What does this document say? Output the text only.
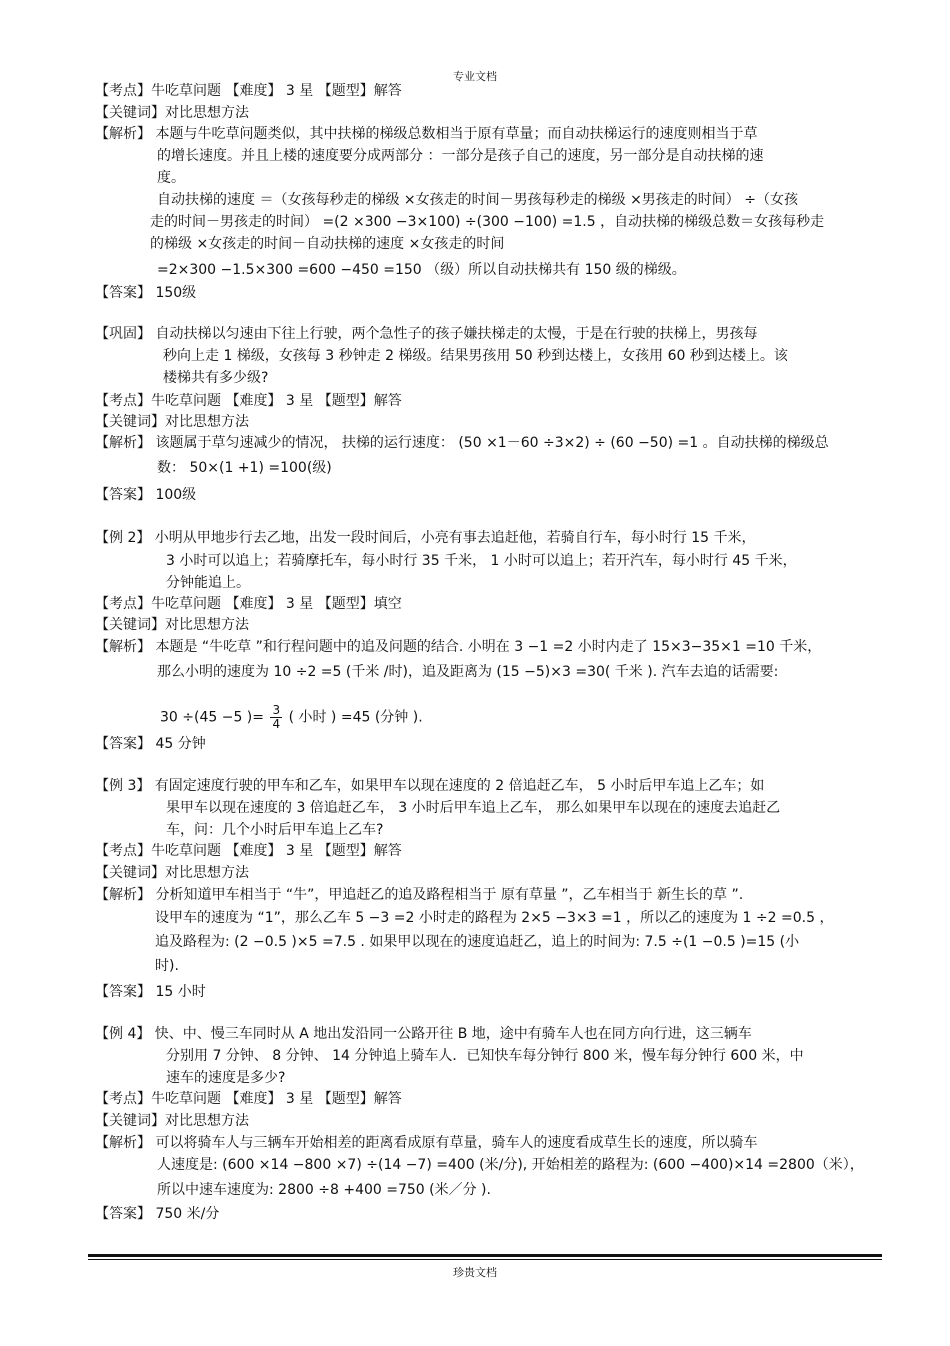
专业文档
【考点】牛吃草问题 【难度】 3 星 【题型】解答
【关键词】对比思想方法
【解析】 本题与牛吃草问题类似，其中扶梯的梯级总数相当于原有草量；而自动扶梯运行的速度则相当于草
的增长速度。并且上楼的速度要分成两部分 ：一部分是孩子自己的速度，另一部分是自动扶梯的速
度。
自动扶梯的速度 ＝（女孩每秒走的梯级 ×女孩走的时间－男孩每秒走的梯级 ×男孩走的时间） ÷（女孩
走的时间－男孩走的时间） =(2 ×300 −3×100) ÷(300 −100) =1.5 ，自动扶梯的梯级总数＝女孩每秒走
的梯级 ×女孩走的时间－自动扶梯的速度 ×女孩走的时间
=2×300 −1.5×300 =600 −450 =150 （级）所以自动扶梯共有 150 级的梯级。
【答案】 150级
【巩固】 自动扶梯以匀速由下往上行驶，两个急性子的孩子嫌扶梯走的太慢，于是在行驶的扶梯上，男孩每
秒向上走 1 梯级，女孩每 3 秒钟走 2 梯级。结果男孩用 50 秒到达楼上，女孩用 60 秒到达楼上。该
楼梯共有多少级?
【考点】牛吃草问题 【难度】 3 星 【题型】解答
【关键词】对比思想方法
【解析】 该题属于草匀速减少的情况， 扶梯的运行速度： (50 ×1－60 ÷3×2) ÷ (60 −50) =1 。自动扶梯的梯级总
数： 50×(1 +1) =100(级)
【答案】 100级
【例 2】 小明从甲地步行去乙地，出发一段时间后，小亮有事去追赶他，若骑自行车，每小时行 15 千米，
3 小时可以追上；若骑摩托车，每小时行 35 千米， 1 小时可以追上；若开汽车，每小时行 45 千米，
分钟能追上。
【考点】牛吃草问题 【难度】 3 星 【题型】填空
【关键词】对比思想方法
【解析】 本题是 “牛吃草 ”和行程问题中的追及问题的结合. 小明在 3 −1 =2 小时内走了 15×3−35×1 =10 千米，
那么小明的速度为 10 ÷2 =5 (千米 /时)，追及距离为 (15 −5)×3 =30( 千米 ). 汽车去追的话需要:
【答案】 45 分钟
【例 3】 有固定速度行驶的甲车和乙车，如果甲车以现在速度的 2 倍追赶乙车， 5 小时后甲车追上乙车；如
果甲车以现在速度的 3 倍追赶乙车， 3 小时后甲车追上乙车， 那么如果甲车以现在的速度去追赶乙
车，问：几个小时后甲车追上乙车?
【考点】牛吃草问题 【难度】 3 星 【题型】解答
【关键词】对比思想方法
【解析】 分析知道甲车相当于 “牛”，甲追赶乙的追及路程相当于 原有草量 ”，乙车相当于 新生长的草 ”.
设甲车的速度为 “1”，那么乙车 5 −3 =2 小时走的路程为 2×5 −3×3 =1 ，所以乙的速度为 1 ÷2 =0.5 ，
追及路程为: (2 −0.5 )×5 =7.5 . 如果甲以现在的速度追赶乙，追上的时间为: 7.5 ÷(1 −0.5 )=15 (小
时).
【答案】 15 小时
【例 4】 快、中、慢三车同时从 A 地出发沿同一公路开往 B 地，途中有骑车人也在同方向行进，这三辆车
分别用 7 分钟、 8 分钟、 14 分钟追上骑车人．已知快车每分钟行 800 米，慢车每分钟行 600 米，中
速车的速度是多少?
【考点】牛吃草问题 【难度】 3 星 【题型】解答
【关键词】对比思想方法
【解析】 可以将骑车人与三辆车开始相差的距离看成原有草量，骑车人的速度看成草生长的速度，所以骑车
人速度是: (600 ×14 −800 ×7) ÷(14 −7) =400 (米/分), 开始相差的路程为: (600 −400)×14 =2800（米），
所以中速车速度为: 2800 ÷8 +400 =750 (米／分 ).
【答案】 750 米/分
30 ÷(45 −5 )= $\frac{3}{4}$ ( 小时 ) =45 (分钟 ).
珍贵文档
